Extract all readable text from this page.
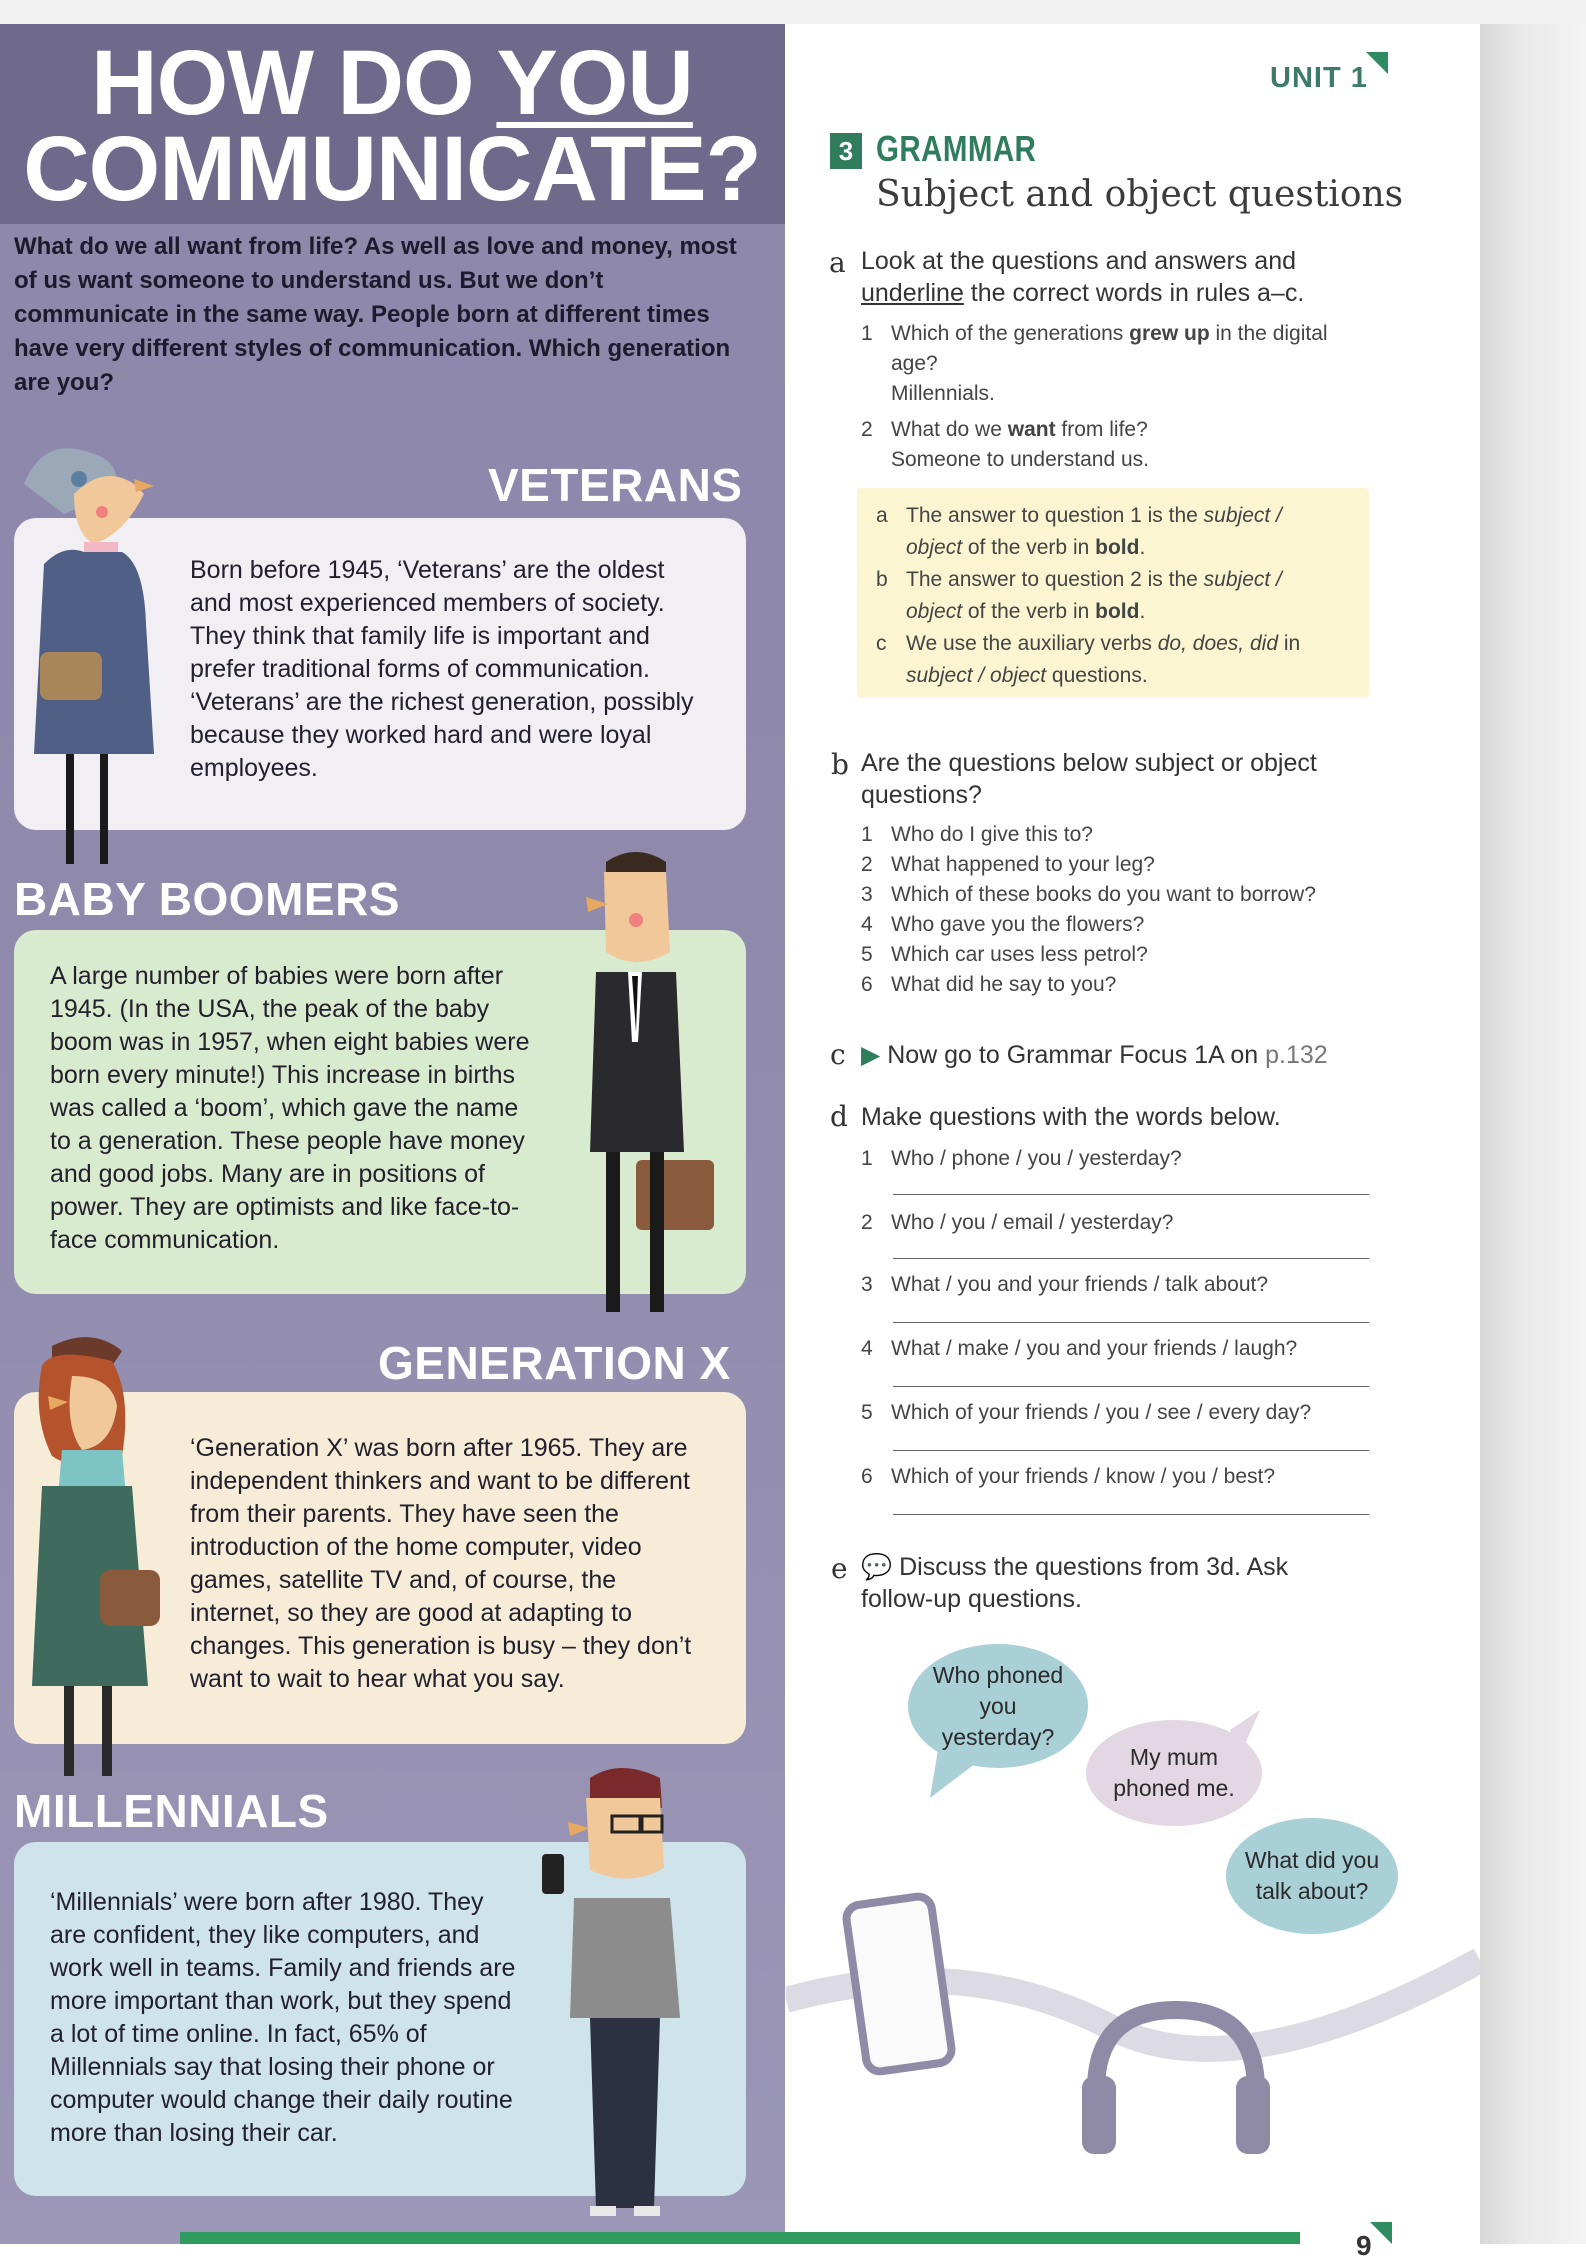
HOW DO YOU
COMMUNICATE?
What do we all want from life? As well as love and money, most of us want someone to understand us. But we don’t communicate in the same way. People born at different times have very different styles of communication. Which generation are you?
VETERANS
Born before 1945, ‘Veterans’ are the oldest and most experienced members of society. They think that family life is important and prefer traditional forms of communication. ‘Veterans’ are the richest generation, possibly because they worked hard and were loyal employees.
BABY BOOMERS
A large number of babies were born after 1945. (In the USA, the peak of the baby boom was in 1957, when eight babies were born every minute!) This increase in births was called a ‘boom’, which gave the name to a generation. These people have money and good jobs. Many are in positions of power. They are optimists and like face-to-face communication.
GENERATION X
‘Generation X’ was born after 1965. They are independent thinkers and want to be different from their parents. They have seen the introduction of the home computer, video games, satellite TV and, of course, the internet, so they are good at adapting to changes. This generation is busy – they don’t want to wait to hear what you say.
MILLENNIALS
‘Millennials’ were born after 1980. They are confident, they like computers, and work well in teams. Family and friends are more important than work, but they spend a lot of time online. In fact, 65% of Millennials say that losing their phone or computer would change their daily routine more than losing their car.
UNIT 1
3 GRAMMAR
Subject and object questions
a Look at the questions and answers and
underline the correct words in rules a–c.
1 Which of the generations grew up in the digital
age?
Millennials.
2 What do we want from life?
Someone to understand us.
a The answer to question 1 is the subject /
object of the verb in bold.
b The answer to question 2 is the subject /
object of the verb in bold.
c We use the auxiliary verbs do, does, did in
subject / object questions.
b Are the questions below subject or object
questions?
1 Who do I give this to?
2 What happened to your leg?
3 Which of these books do you want to borrow?
4 Who gave you the flowers?
5 Which car uses less petrol?
6 What did he say to you?
c ▶ Now go to Grammar Focus 1A on p.132
d Make questions with the words below.
1 Who / phone / you / yesterday?
2 Who / you / email / yesterday?
3 What / you and your friends / talk about?
4 What / make / you and your friends / laugh?
5 Which of your friends / you / see / every day?
6 Which of your friends / know / you / best?
e 💬 Discuss the questions from 3d. Ask
follow-up questions.
Who phoned you yesterday?
My mum phoned me.
What did you talk about?
9
